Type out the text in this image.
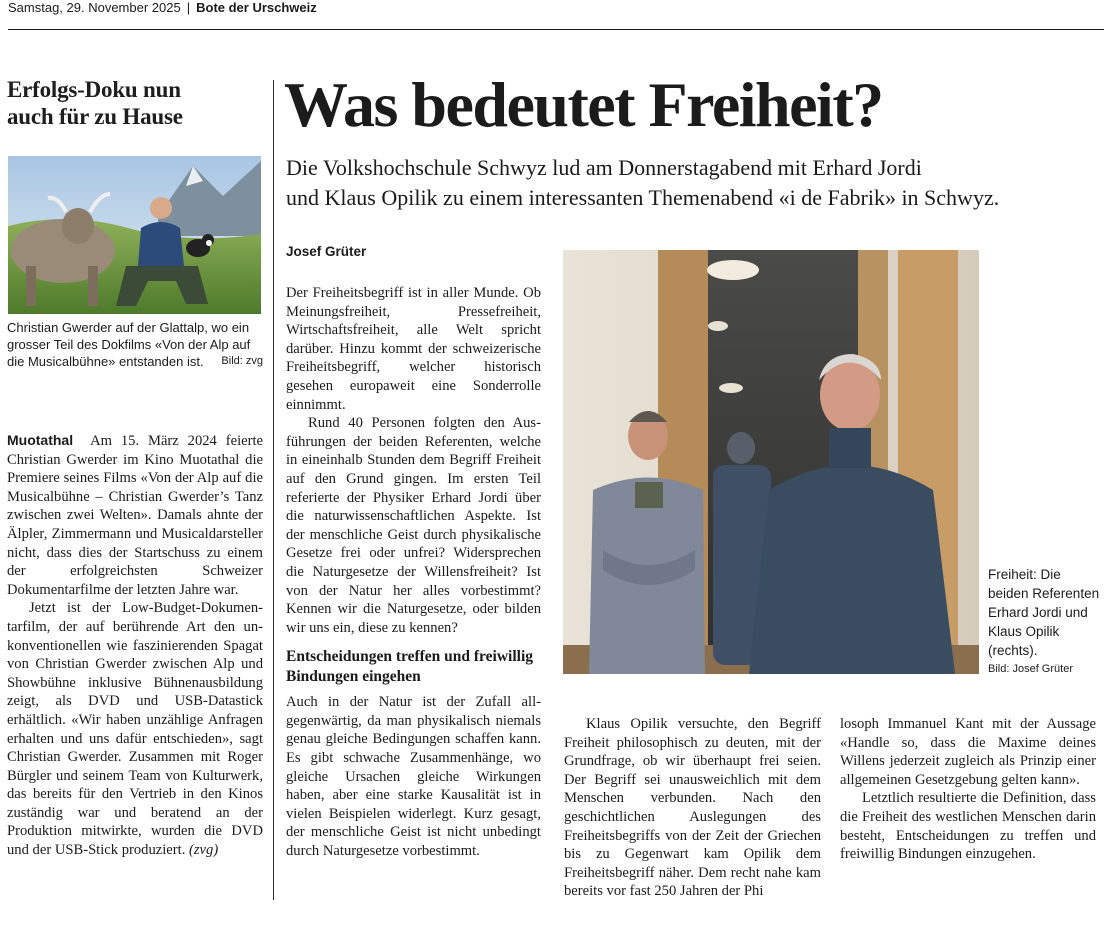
Samstag, 29. November 2025 | Bote der Urschweiz
Erfolgs-Doku nun
auch für zu Hause
Christian Gwerder auf der Glattalp, wo ein grosser Teil des Dokfilms «Von der Alp auf die Musicalbühne» entstanden ist.	Bild: zvg

Muotathal Am 15. März 2024 feierte Christian Gwerder im Kino Muotathal die Premiere seines Films «Von der Alp auf die Musicalbühne – Christian Gwerder’s Tanz zwischen zwei Welten». Damals ahnte der Älpler, Zimmermann und Musicaldarsteller nicht, dass dies der Startschuss zu einem der erfolgreichsten Schweizer Dokumentarfilme der letzten Jahre war.

Jetzt ist der Low-Budget-Dokumentarfilm, der auf berührende Art den unkonventionellen wie faszinierenden Spagat von Christian Gwerder zwischen Alp und Showbühne inklusive Bühnenausbildung zeigt, als DVD und USB-Datastick erhältlich. «Wir haben unzählige Anfragen erhalten und uns dafür entschieden», sagt Christian Gwerder. Zusammen mit Roger Bürgler und seinem Team von Kulturwerk, das bereits für den Vertrieb in den Kinos zuständig war und beratend an der Produktion mitwirkte, wurden die DVD und der USB-Stick produziert. (zvg)

Was bedeutet Freiheit?
Die Volkshochschule Schwyz lud am Donnerstagabend mit Erhard Jordi
und Klaus Opilik zu einem interessanten Themenabend «i de Fabrik» in Schwyz.
Josef Grüter

Der Freiheitsbegriff ist in aller Munde. Ob Meinungsfreiheit, Pressefreiheit, Wirtschaftsfreiheit, alle Welt spricht darüber. Hinzu kommt der schweizerische Freiheitsbegriff, welcher historisch gesehen europaweit eine Sonderrolle einnimmt.

Rund 40 Personen folgten den Ausführungen der beiden Referenten, welche in eineinhalb Stunden dem Begriff Freiheit auf den Grund gingen. Im ersten Teil referierte der Physiker Erhard Jordi über die naturwissenschaftlichen Aspekte. Ist der menschliche Geist durch physikalische Gesetze frei oder unfrei? Widersprechen die Naturgesetze der Willensfreiheit? Ist von der Natur her alles vorbestimmt? Kennen wir die Naturgesetze, oder bilden wir uns ein, diese zu kennen?

Entscheidungen treffen und freiwillig Bindungen eingehen

Auch in der Natur ist der Zufall allgegenwärtig, da man physikalisch niemals genau gleiche Bedingungen schaffen kann. Es gibt schwache Zusammenhänge, wo gleiche Ursachen gleiche Wirkungen haben, aber eine starke Kausalität ist in vielen Beispielen widerlegt. Kurz gesagt, der menschliche Geist ist nicht unbedingt durch Naturgesetze vorbestimmt.

Freiheit: Die beiden Referenten Erhard Jordi und Klaus Opilik (rechts).
Bild: Josef Grüter

Klaus Opilik versuchte, den Begriff Freiheit philosophisch zu deuten, mit der Grundfrage, ob wir überhaupt frei seien. Der Begriff sei unausweichlich mit dem Menschen verbunden. Nach den geschichtlichen Auslegungen des Freiheitsbegriffs von der Zeit der Griechen bis zu Gegenwart kam Opilik dem Freiheitsbegriff näher. Dem recht nahe kam bereits vor fast 250 Jahren der Phi

losoph Immanuel Kant mit der Aussage «Handle so, dass die Maxime deines Willens jederzeit zugleich als Prinzip einer allgemeinen Gesetzgebung gelten kann».

Letztlich resultierte die Definition, dass die Freiheit des westlichen Menschen darin besteht, Entscheidungen zu treffen und freiwillig Bindungen einzugehen.
